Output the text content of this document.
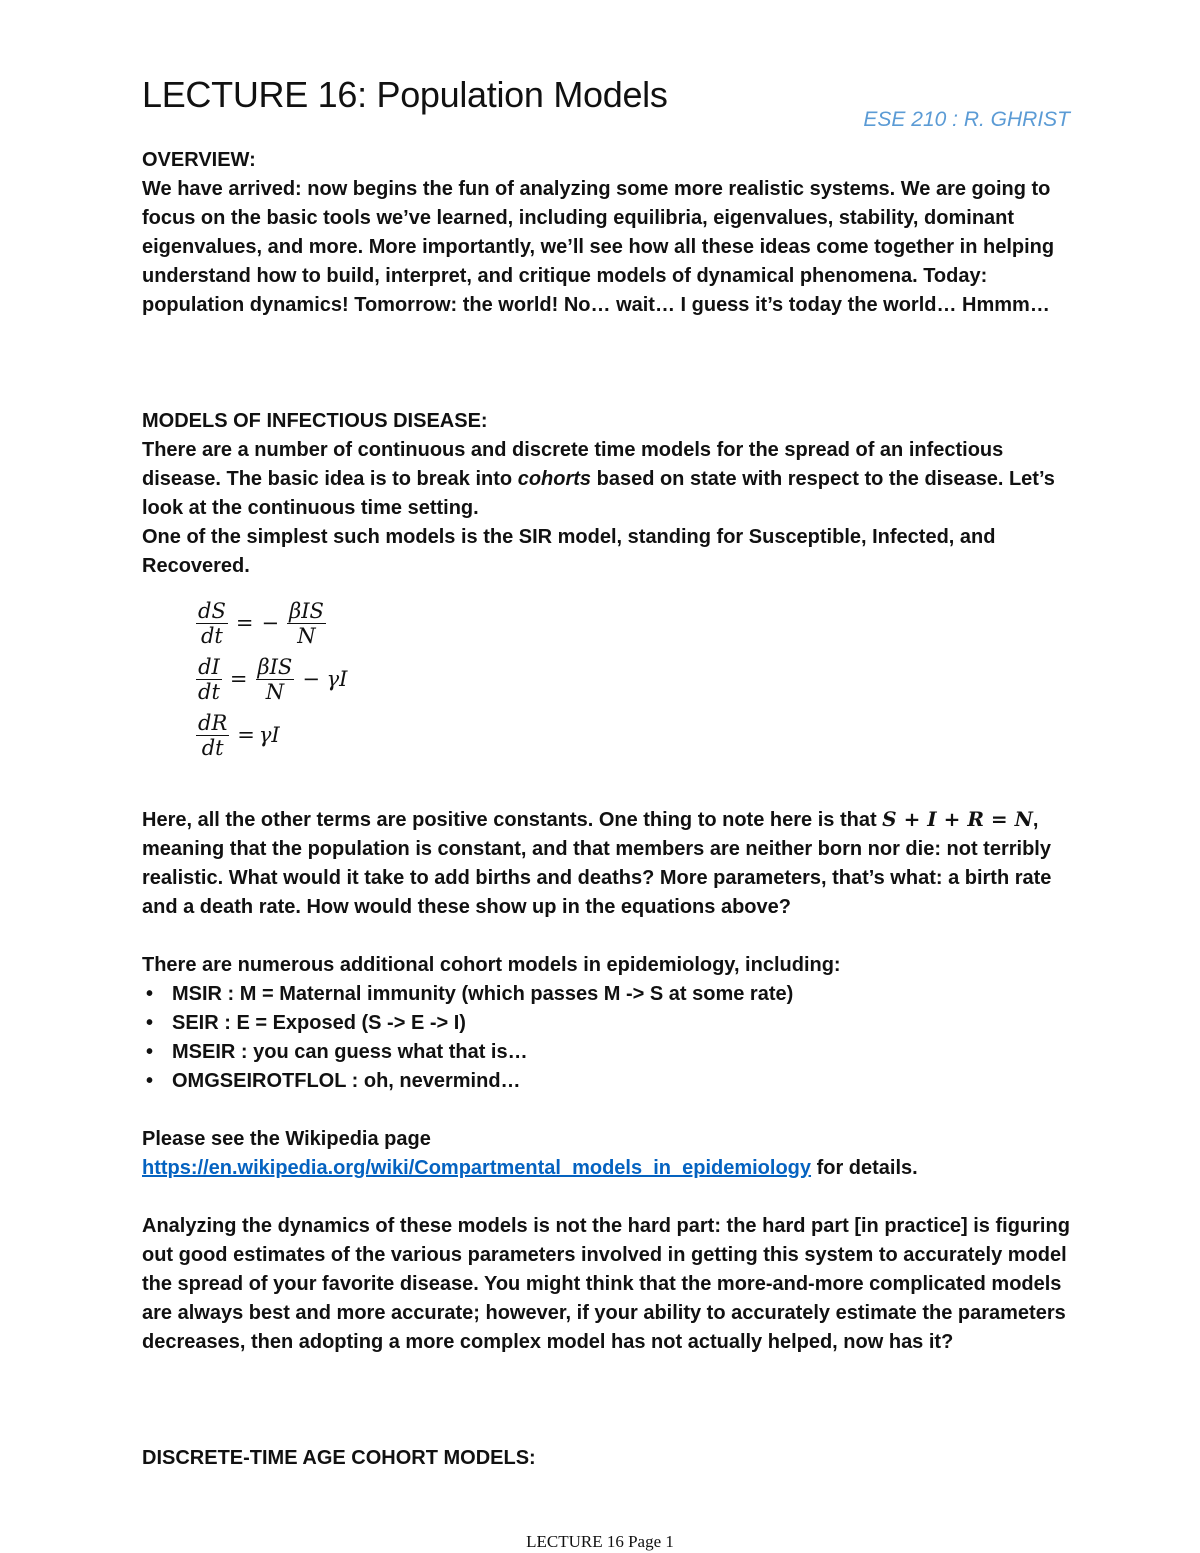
LECTURE 16: Population Models
ESE 210 : R. GHRIST

OVERVIEW:

We have arrived: now begins the fun of analyzing some more realistic systems. We are going to focus on the basic tools we’ve learned, including equilibria, eigenvalues, stability, dominant eigenvalues, and more. More importantly, we’ll see how all these ideas come together in helping understand how to build, interpret, and critique models of dynamical phenomena. Today: population dynamics! Tomorrow: the world! No… wait… I guess it’s today the world… Hmmm…

MODELS OF INFECTIOUS DISEASE:

There are a number of continuous and discrete time models for the spread of an infectious disease. The basic idea is to break into cohorts based on state with respect to the disease. Let’s look at the continuous time setting.

One of the simplest such models is the SIR model, standing for Susceptible, Infected, and Recovered.

$\frac{dS}{dt}$ = − $\frac{\text{βIS}}{N}$
$\frac{dI}{dt} = \frac{\text{βIS}}{N} - \gamma I$
$\frac{dR}{dt} = \gamma I$

Here, all the other terms are positive constants. One thing to note here is that S + I + R = N, meaning that the population is constant, and that members are neither born nor die: not terribly realistic. What would it take to add births and deaths? More parameters, that’s what: a birth rate and a death rate. How would these show up in the equations above?

There are numerous additional cohort models in epidemiology, including:

• MSIR : M = Maternal immunity (which passes M -> S at some rate)
• SEIR : E = Exposed (S -> E -> I)
• MSEIR : you can guess what that is…
• OMGSEIROTFLOL : oh, nevermind…

Please see the Wikipedia page

https://en.wikipedia.org/wiki/Compartmental_models_in_epidemiology for details.

Analyzing the dynamics of these models is not the hard part: the hard part [in practice] is figuring out good estimates of the various parameters involved in getting this system to accurately model the spread of your favorite disease. You might think that the more-and-more complicated models are always best and more accurate; however, if your ability to accurately estimate the parameters decreases, then adopting a more complex model has not actually helped, now has it?

DISCRETE-TIME AGE COHORT MODELS:

LECTURE 16 Page 1
